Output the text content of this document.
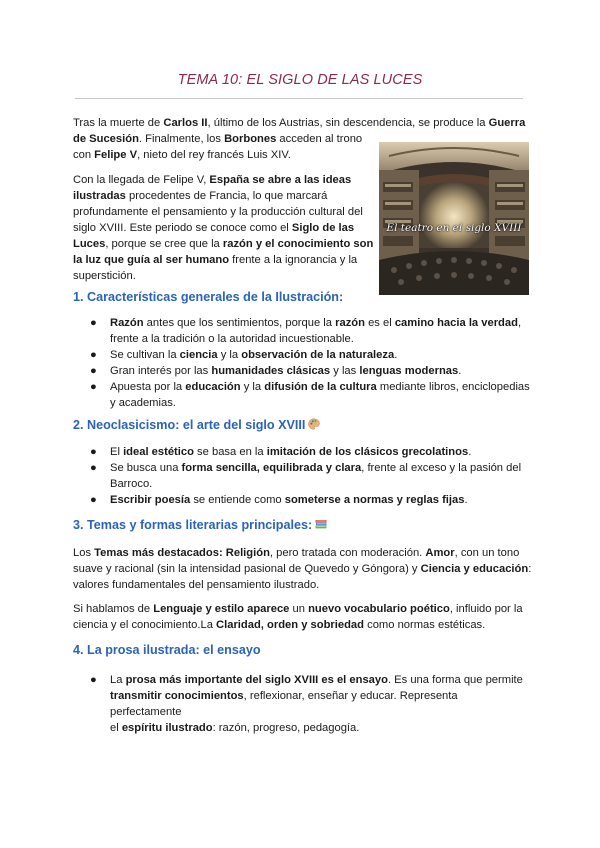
TEMA 10: EL SIGLO DE LAS LUCES

Tras la muerte de Carlos II, último de los Austrias, sin descendencia, se produce la Guerra

de Sucesión. Finalmente, los Borbones acceden al trono

con Felipe V, nieto del rey francés Luis XIV.

El teatro en el siglo XVIII

Con la llegada de Felipe V, España se abre a las ideas

ilustradas procedentes de Francia, lo que marcará

profundamente el pensamiento y la producción cultural del

siglo XVIII. Este periodo se conoce como el Siglo de las

Luces, porque se cree que la razón y el conocimiento son

la luz que guía al ser humano frente a la ignorancia y la

superstición.

1. Características generales de la Ilustración:
● Razón antes que los sentimientos, porque la razón es el camino hacia la verdad,
frente a la tradición o la autoridad incuestionable.
● Se cultivan la ciencia y la observación de la naturaleza.
● Gran interés por las humanidades clásicas y las lenguas modernas.
● Apuesta por la educación y la difusión de la cultura mediante libros, enciclopedias
y academias.
2. Neoclasicismo: el arte del siglo XVIII
● El ideal estético se basa en la imitación de los clásicos grecolatinos.
● Se busca una forma sencilla, equilibrada y clara, frente al exceso y la pasión del
Barroco.
● Escribir poesía se entiende como someterse a normas y reglas fijas.
3. Temas y formas literarias principales:

Los Temas más destacados: Religión, pero tratada con moderación. Amor, con un tono

suave y racional (sin la intensidad pasional de Quevedo y Góngora) y Ciencia y educación:

valores fundamentales del pensamiento ilustrado.

Si hablamos de Lenguaje y estilo aparece un nuevo vocabulario poético, influido por la

ciencia y el conocimiento.La Claridad, orden y sobriedad como normas estéticas.

4. La prosa ilustrada: el ensayo
● La prosa más importante del siglo XVIII es el ensayo. Es una forma que permite
transmitir conocimientos, reflexionar, enseñar y educar. Representa perfectamente
el espíritu ilustrado: razón, progreso, pedagogía.
